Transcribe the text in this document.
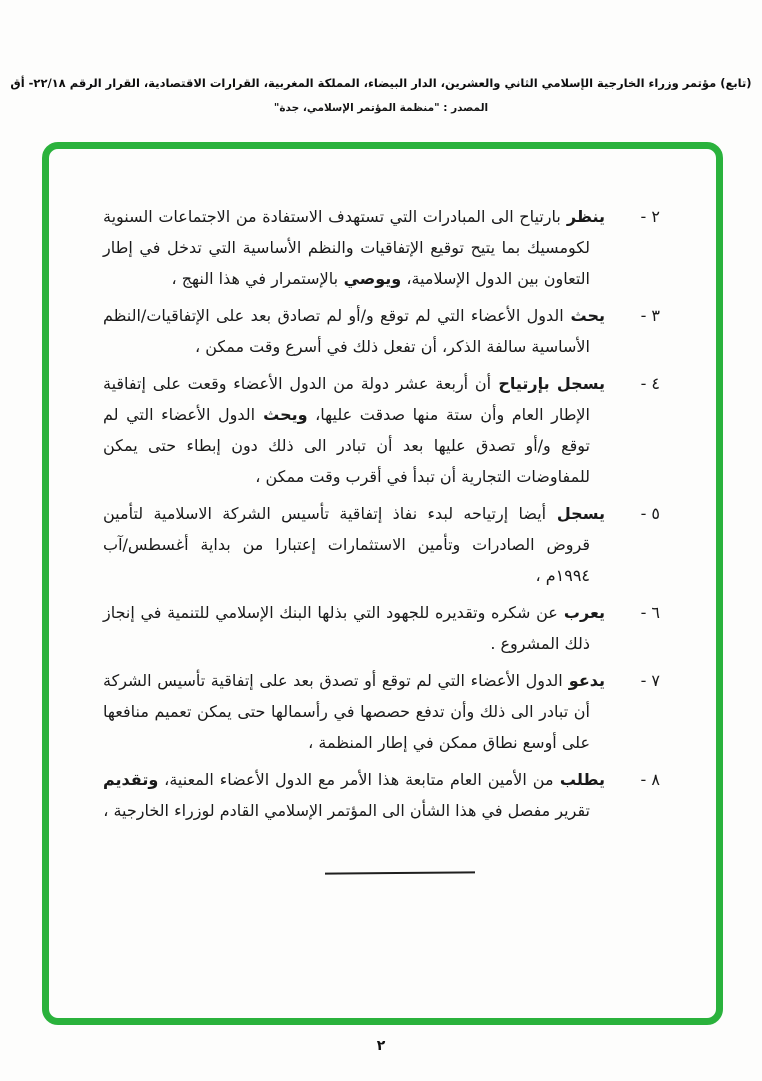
(تابع) مؤتمر وزراء الخارجية الإسلامي الثاني والعشرين، الدار البيضاء، المملكة المغربية، القرارات الاقتصادية، القرار الرقم ٢٢/١٨- أق
المصدر : "منظمة المؤتمر الإسلامي، جدة"
٢ -ينظر بارتياح الى المبادرات التي تستهدف الاستفادة من الاجتماعات السنوية لكومسيك بما يتيح توقيع الإتفاقيات والنظم الأساسية التي تدخل في إطار التعاون بين الدول الإسلامية، ويوصي بالإستمرار في هذا النهج ،
٣ -يحث الدول الأعضاء التي لم توقع و/أو لم تصادق بعد على الإتفاقيات/النظم الأساسية سالفة الذكر، أن تفعل ذلك في أسرع وقت ممكن ،
٤ -يسجل بإرتياح أن أربعة عشر دولة من الدول الأعضاء وقعت على إتفاقية الإطار العام وأن ستة منها صدقت عليها، ويحث الدول الأعضاء التي لم توقع و/أو تصدق عليها بعد أن تبادر الى ذلك دون إبطاء حتى يمكن للمفاوضات التجارية أن تبدأ في أقرب وقت ممكن ،
٥ -يسجل أيضا إرتياحه لبدء نفاذ إتفاقية تأسيس الشركة الاسلامية لتأمين قروض الصادرات وتأمين الاستثمارات إعتبارا من بداية أغسطس/آب ١٩٩٤م ،
٦ -يعرب عن شكره وتقديره للجهود التي بذلها البنك الإسلامي للتنمية في إنجاز ذلك المشروع .
٧ -يدعو الدول الأعضاء التي لم توقع أو تصدق بعد على إتفاقية تأسيس الشركة أن تبادر الى ذلك وأن تدفع حصصها في رأسمالها حتى يمكن تعميم منافعها على أوسع نطاق ممكن في إطار المنظمة ،
٨ -يطلب من الأمين العام متابعة هذا الأمر مع الدول الأعضاء المعنية، وتقديم تقرير مفصل في هذا الشأن الى المؤتمر الإسلامي القادم لوزراء الخارجية ،
٢
